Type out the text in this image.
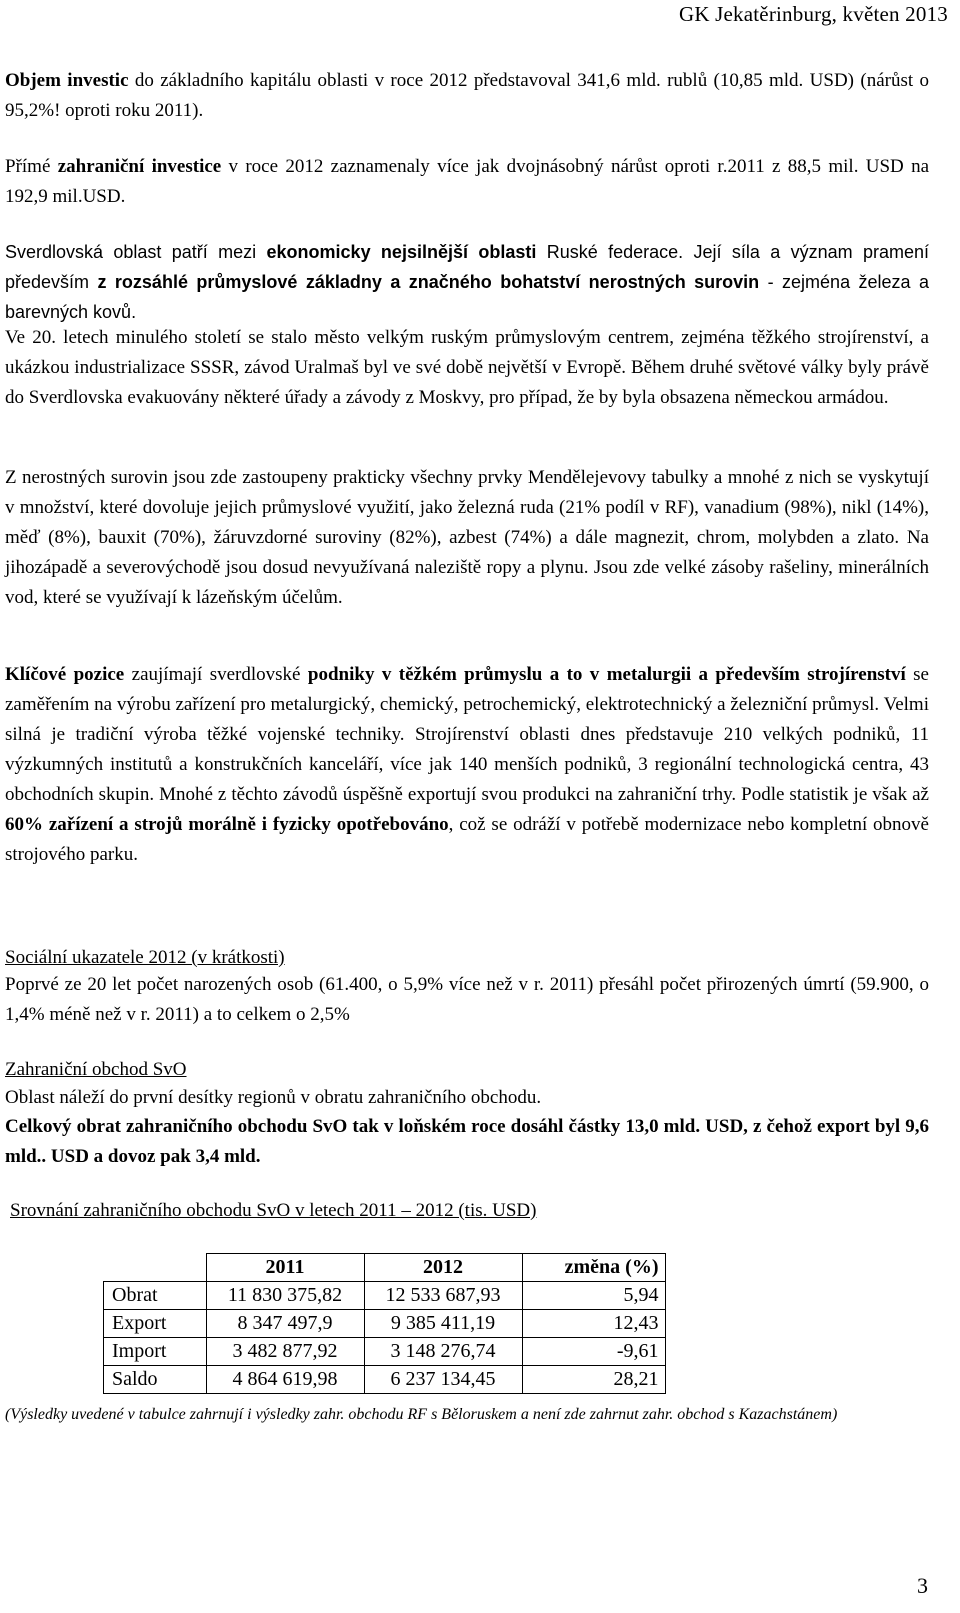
GK Jekatěrinburg, květen 2013

Objem investic do základního kapitálu oblasti v roce 2012 představoval 341,6 mld. rublů (10,85 mld. USD) (nárůst o 95,2%! oproti roku 2011).

Přímé zahraniční investice v roce 2012 zaznamenaly více jak dvojnásobný nárůst oproti r.2011 z 88,5 mil. USD na 192,9 mil.USD.

Sverdlovská oblast patří mezi ekonomicky nejsilnější oblasti Ruské federace. Její síla a význam pramení především z rozsáhlé průmyslové základny a značného bohatství nerostných surovin - zejména železa a barevných kovů.

Ve 20. letech minulého století se stalo město velkým ruským průmyslovým centrem, zejména těžkého strojírenství, a ukázkou industrializace SSSR, závod Uralmaš byl ve své době největší v Evropě. Během druhé světové války byly právě do Sverdlovska evakuovány některé úřady a závody z Moskvy, pro případ, že by byla obsazena německou armádou.

Z nerostných surovin jsou zde zastoupeny prakticky všechny prvky Mendělejevovy tabulky a mnohé z nich se vyskytují v množství, které dovoluje jejich průmyslové využití, jako železná ruda (21% podíl v RF), vanadium (98%), nikl (14%), měď (8%), bauxit (70%), žáruvzdorné suroviny (82%), azbest (74%) a dále magnezit, chrom, molybden a zlato. Na jihozápadě a severovýchodě jsou dosud nevyužívaná naleziště ropy a plynu. Jsou zde velké zásoby rašeliny, minerálních vod, které se využívají k lázeňským účelům.

Klíčové pozice zaujímají sverdlovské podniky v těžkém průmyslu a to v metalurgii a především strojírenství se zaměřením na výrobu zařízení pro metalurgický, chemický, petrochemický, elektrotechnický a železniční průmysl. Velmi silná je tradiční výroba těžké vojenské techniky. Strojírenství oblasti dnes představuje 210 velkých podniků, 11 výzkumných institutů a konstrukčních kanceláří, více jak 140 menších podniků, 3 regionální technologická centra, 43 obchodních skupin. Mnohé z těchto závodů úspěšně exportují svou produkci na zahraniční trhy. Podle statistik je však až 60% zařízení a strojů morálně i fyzicky opotřebováno, což se odráží v potřebě modernizace nebo kompletní obnově strojového parku.

Sociální ukazatele 2012 (v krátkosti)

Poprvé ze 20 let počet narozených osob (61.400, o 5,9% více než v r. 2011) přesáhl počet přirozených úmrtí (59.900, o 1,4% méně než v r. 2011) a to celkem o 2,5%

Zahraniční obchod SvO

Oblast náleží do první desítky regionů v obratu zahraničního obchodu.

Celkový obrat zahraničního obchodu SvO tak v loňském roce dosáhl částky 13,0 mld. USD, z čehož export byl 9,6 mld.. USD a dovoz pak 3,4 mld.

Srovnání zahraničního obchodu SvO v letech 2011 – 2012 (tis. USD)
	2011	2012	změna (%)
Obrat	11 830 375,82	12 533 687,93	5,94
Export	8 347 497,9	9 385 411,19	12,43
Import	3 482 877,92	3 148 276,74	-9,61
Saldo	4 864 619,98	6 237 134,45	28,21
(Výsledky uvedené v tabulce zahrnují i výsledky zahr. obchodu RF s Běloruskem a není zde zahrnut zahr. obchod s Kazachstánem)
3
